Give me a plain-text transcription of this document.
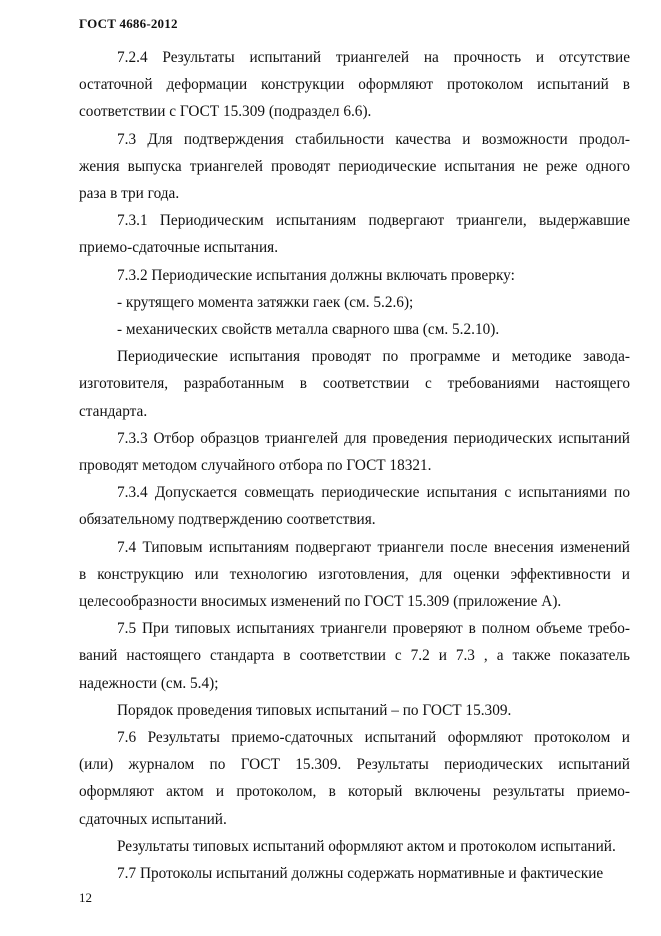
ГОСТ 4686-2012
7.2.4 Результаты испытаний триангелей на прочность и отсутствие
остаточной деформации конструкции оформляют протоколом испытаний в
соответствии с ГОСТ 15.309 (подраздел 6.6).
7.3 Для подтверждения стабильности качества и возможности продол-
жения выпуска триангелей проводят периодические испытания не реже одного
раза в три года.
7.3.1 Периодическим испытаниям подвергают триангели, выдержавшие
приемо-сдаточные испытания.
7.3.2 Периодические испытания должны включать проверку:
- крутящего момента затяжки гаек (см. 5.2.6);
- механических свойств металла сварного шва (см. 5.2.10).
Периодические испытания проводят по программе и методике завода-
изготовителя, разработанным в соответствии с требованиями настоящего
стандарта.
7.3.3 Отбор образцов триангелей для проведения периодических испытаний
проводят методом случайного отбора по ГОСТ 18321.
7.3.4 Допускается совмещать периодические испытания с испытаниями по
обязательному подтверждению соответствия.
7.4 Типовым испытаниям подвергают триангели после внесения изменений
в конструкцию или технологию изготовления, для оценки эффективности и
целесообразности вносимых изменений по ГОСТ 15.309 (приложение А).
7.5 При типовых испытаниях триангели проверяют в полном объеме требо-
ваний настоящего стандарта в соответствии с 7.2 и 7.3 , а также показатель
надежности (см. 5.4);
Порядок проведения типовых испытаний – по ГОСТ 15.309.
7.6 Результаты приемо-сдаточных испытаний оформляют протоколом и
(или) журналом по ГОСТ 15.309. Результаты периодических испытаний
оформляют актом и протоколом, в который включены результаты приемо-
сдаточных испытаний.
Результаты типовых испытаний оформляют актом и протоколом испытаний.
7.7 Протоколы испытаний должны содержать нормативные и фактические
12
